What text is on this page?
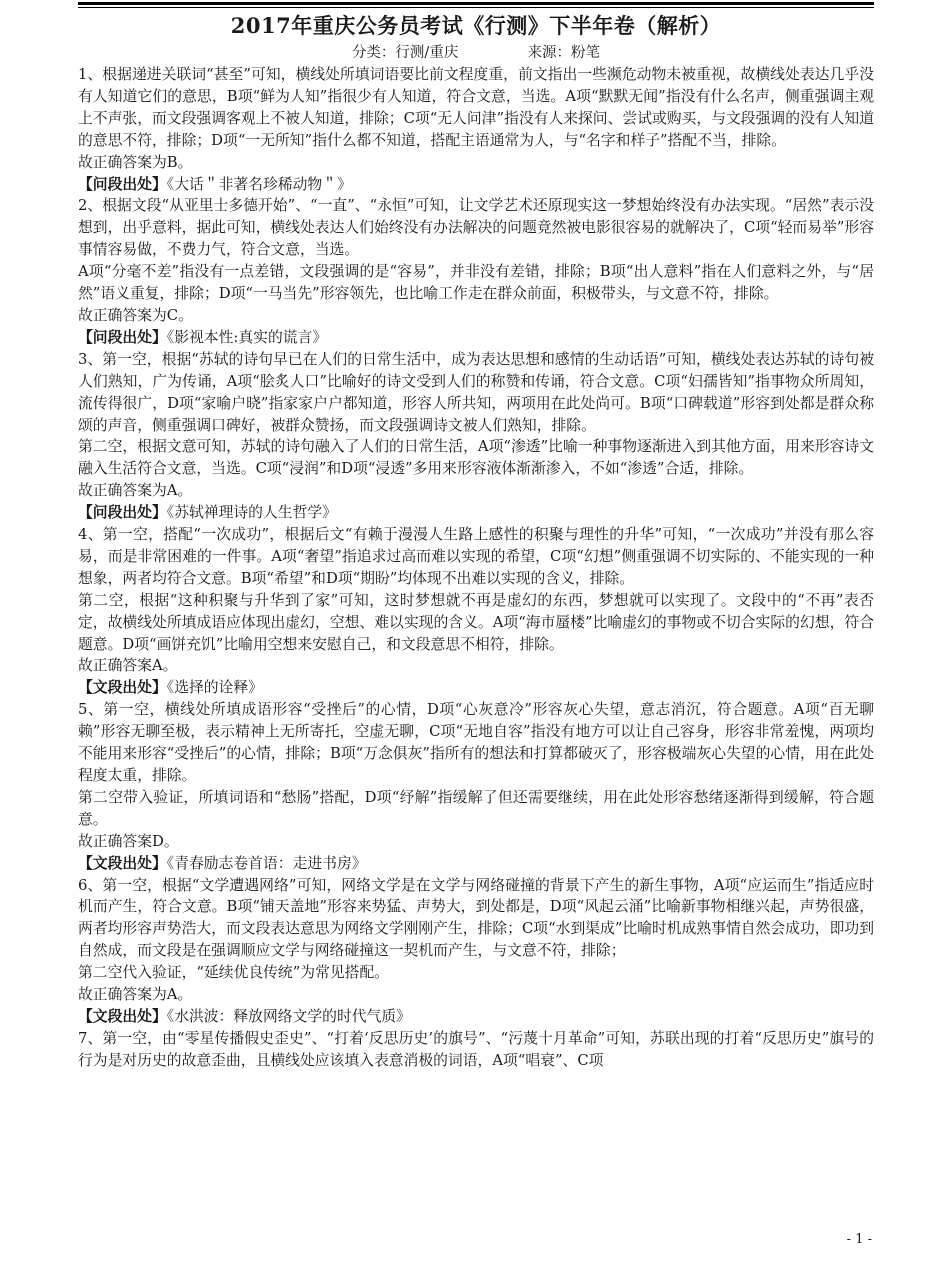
2017年重庆公务员考试《行测》下半年卷（解析）
分类：行测/重庆	来源：粉笔

1、根据递进关联词“甚至”可知，横线处所填词语要比前文程度重，前文指出一些濒危动物未被重视，故横线处表达几乎没有人知道它们的意思，B项“鲜为人知”指很少有人知道，符合文意，当选。A项“默默无闻”指没有什么名声，侧重强调主观上不声张，而文段强调客观上不被人知道，排除；C项“无人问津”指没有人来探问、尝试或购买，与文段强调的没有人知道的意思不符，排除；D项“一无所知”指什么都不知道，搭配主语通常为人，与“名字和样子”搭配不当，排除。

故正确答案为B。

【问段出处】《大话＂非著名珍稀动物＂》

2、根据文段“从亚里士多德开始”、“一直”、“永恒”可知，让文学艺术还原现实这一梦想始终没有办法实现。“居然”表示没想到，出乎意料，据此可知，横线处表达人们始终没有办法解决的问题竟然被电影很容易的就解决了，C项“轻而易举”形容事情容易做，不费力气，符合文意，当选。

A项“分毫不差”指没有一点差错，文段强调的是“容易”，并非没有差错，排除；B项“出人意料”指在人们意料之外，与“居然”语义重复，排除；D项“一马当先”形容领先，也比喻工作走在群众前面，积极带头，与文意不符，排除。

故正确答案为C。

【问段出处】《影视本性:真实的谎言》

3、第一空，根据“苏轼的诗句早已在人们的日常生活中，成为表达思想和感情的生动话语”可知，横线处表达苏轼的诗句被人们熟知，广为传诵，A项“脍炙人口”比喻好的诗文受到人们的称赞和传诵，符合文意。C项“妇孺皆知”指事物众所周知，流传得很广，D项“家喻户晓”指家家户户都知道，形容人所共知，两项用在此处尚可。B项“口碑载道”形容到处都是群众称颂的声音，侧重强调口碑好，被群众赞扬，而文段强调诗文被人们熟知，排除。

第二空，根据文意可知，苏轼的诗句融入了人们的日常生活，A项“渗透”比喻一种事物逐渐进入到其他方面，用来形容诗文融入生活符合文意，当选。C项“浸润”和D项“浸透”多用来形容液体渐渐渗入，不如“渗透”合适，排除。

故正确答案为A。

【问段出处】《苏轼禅理诗的人生哲学》

4、第一空，搭配“一次成功”，根据后文“有赖于漫漫人生路上感性的积聚与理性的升华”可知，“一次成功”并没有那么容易，而是非常困难的一件事。A项“奢望”指追求过高而难以实现的希望，C项“幻想”侧重强调不切实际的、不能实现的一种想象，两者均符合文意。B项“希望”和D项“期盼”均体现不出难以实现的含义，排除。

第二空，根据“这种积聚与升华到了家”可知，这时梦想就不再是虚幻的东西，梦想就可以实现了。文段中的“不再”表否定，故横线处所填成语应体现出虚幻，空想、难以实现的含义。A项“海市蜃楼”比喻虚幻的事物或不切合实际的幻想，符合题意。D项“画饼充饥”比喻用空想来安慰自己，和文段意思不相符，排除。

故正确答案A。

【文段出处】《选择的诠释》

5、第一空，横线处所填成语形容“受挫后”的心情，D项“心灰意冷”形容灰心失望，意志消沉，符合题意。A项“百无聊赖”形容无聊至极，表示精神上无所寄托，空虚无聊，C项“无地自容”指没有地方可以让自己容身，形容非常羞愧，两项均不能用来形容“受挫后”的心情，排除；B项“万念俱灰”指所有的想法和打算都破灭了，形容极端灰心失望的心情，用在此处程度太重，排除。

第二空带入验证，所填词语和“愁肠”搭配，D项“纾解”指缓解了但还需要继续，用在此处形容愁绪逐渐得到缓解，符合题意。

故正确答案D。

【文段出处】《青春励志卷首语：走进书房》

6、第一空，根据“文学遭遇网络”可知，网络文学是在文学与网络碰撞的背景下产生的新生事物，A项“应运而生”指适应时机而产生，符合文意。B项“铺天盖地”形容来势猛、声势大，到处都是，D项“风起云涌”比喻新事物相继兴起，声势很盛，两者均形容声势浩大，而文段表达意思为网络文学刚刚产生，排除；C项“水到渠成”比喻时机成熟事情自然会成功，即功到自然成，而文段是在强调顺应文学与网络碰撞这一契机而产生，与文意不符，排除；

第二空代入验证，“延续优良传统”为常见搭配。

故正确答案为A。

【文段出处】《水洪波：释放网络文学的时代气质》

7、第一空，由“零星传播假史歪史”、“打着‘反思历史’的旗号”、“污蔑十月革命”可知，苏联出现的打着“反思历史”旗号的行为是对历史的故意歪曲，且横线处应该填入表意消极的词语，A项“唱衰”、C项

- 1 -
